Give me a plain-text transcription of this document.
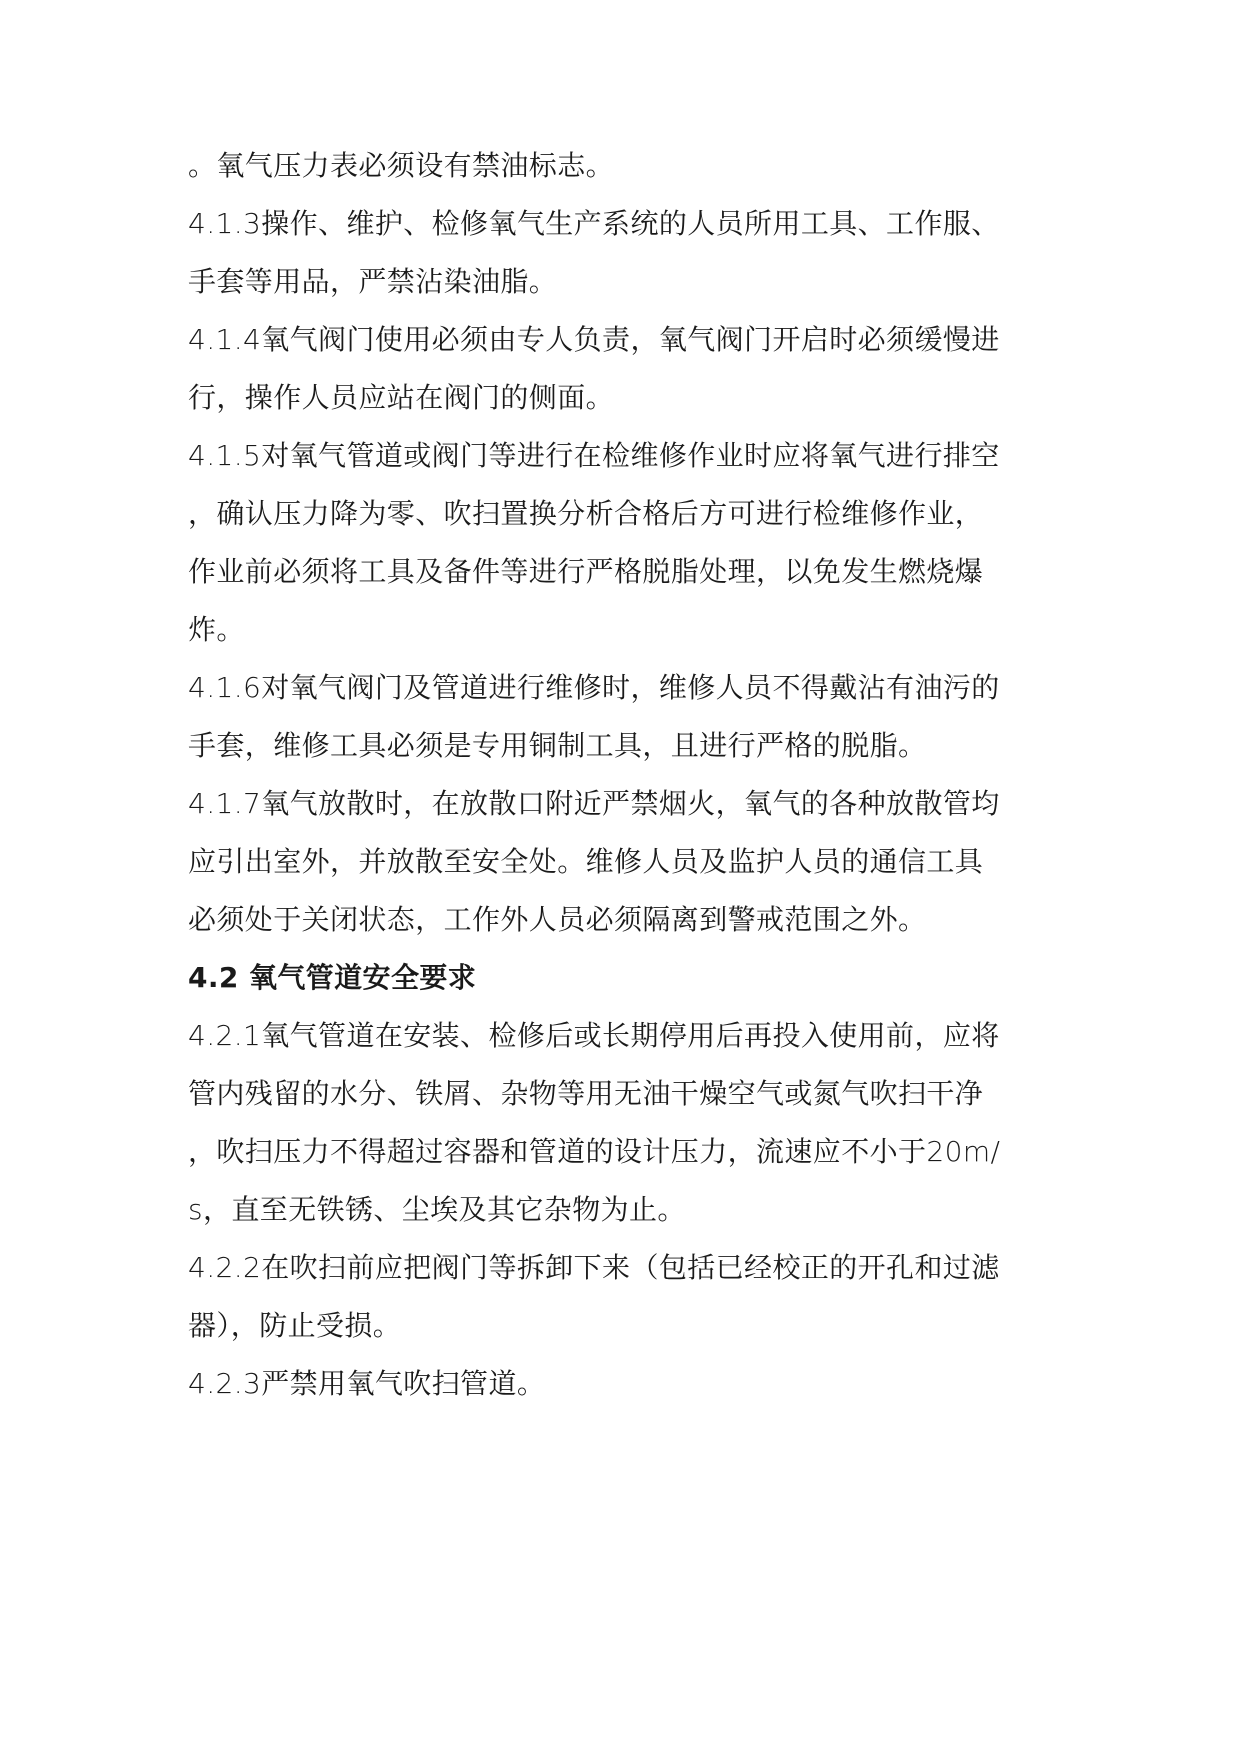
。氧气压力表必须设有禁油标志。
4.1.3操作、维护、检修氧气生产系统的人员所用工具、工作服、
手套等用品，严禁沾染油脂。
4.1.4氧气阀门使用必须由专人负责，氧气阀门开启时必须缓慢进
行，操作人员应站在阀门的侧面。
4.1.5对氧气管道或阀门等进行在检维修作业时应将氧气进行排空
，确认压力降为零、吹扫置换分析合格后方可进行检维修作业，
作业前必须将工具及备件等进行严格脱脂处理，以免发生燃烧爆
炸。
4.1.6对氧气阀门及管道进行维修时，维修人员不得戴沾有油污的
手套，维修工具必须是专用铜制工具，且进行严格的脱脂。
4.1.7氧气放散时，在放散口附近严禁烟火，氧气的各种放散管均
应引出室外，并放散至安全处。维修人员及监护人员的通信工具
必须处于关闭状态，工作外人员必须隔离到警戒范围之外。
4.2 氧气管道安全要求
4.2.1氧气管道在安装、检修后或长期停用后再投入使用前，应将
管内残留的水分、铁屑、杂物等用无油干燥空气或氮气吹扫干净
，吹扫压力不得超过容器和管道的设计压力，流速应不小于20m/
s，直至无铁锈、尘埃及其它杂物为止。
4.2.2在吹扫前应把阀门等拆卸下来（包括已经校正的开孔和过滤
器），防止受损。
4.2.3严禁用氧气吹扫管道。
